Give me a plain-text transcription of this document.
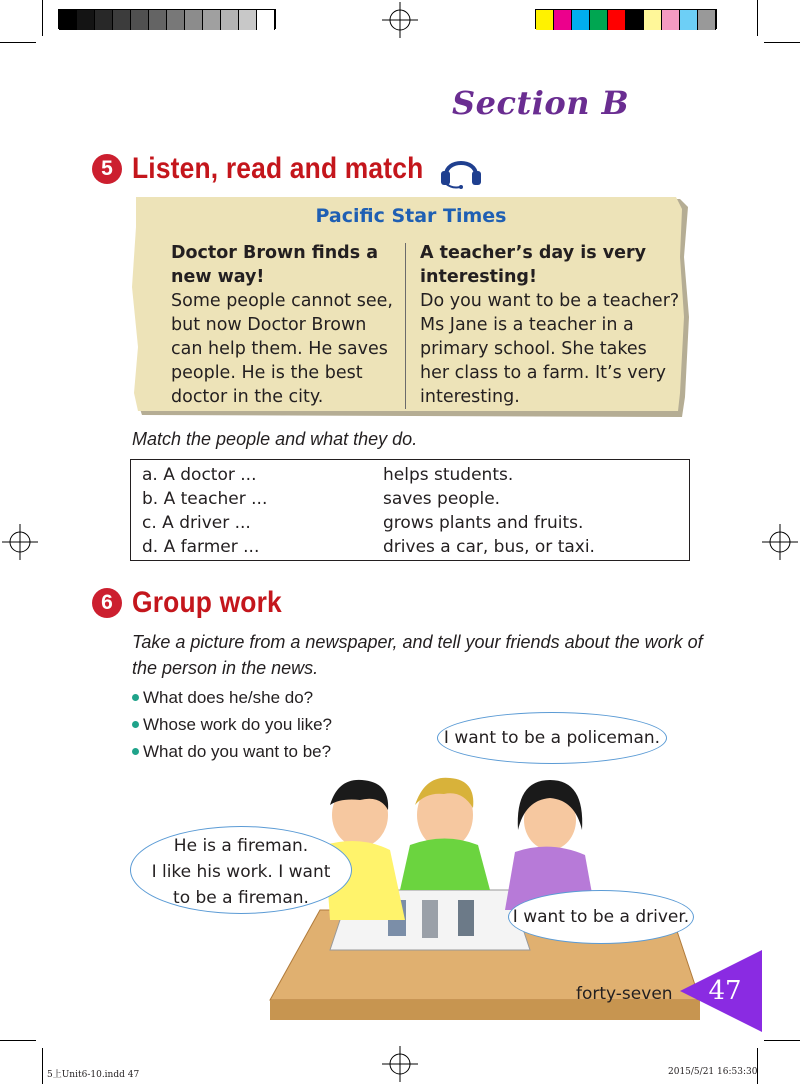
Section B
5 Listen, read and match
Pacific Star Times
Doctor Brown finds a new way!
Some people cannot see, but now Doctor Brown can help them. He saves people. He is the best doctor in the city.
A teacher’s day is very interesting!
Do you want to be a teacher? Ms Jane is a teacher in a primary school. She takes her class to a farm. It’s very interesting.
Match the people and what they do.
a. A doctor ...	helps students.
b. A teacher ...	saves people.
c. A driver ...	grows plants and fruits.
d. A farmer ...	drives a car, bus, or taxi.
6 Group work
Take a picture from a newspaper, and tell your friends about the work of the person in the news.
What does he/she do?
Whose work do you like?
What do you want to be?
I want to be a policeman.
He is a fireman.
I like his work. I want
to be a fireman.
I want to be a driver.
forty-seven	47
5上Unit6-10.indd 47	2015/5/21 16:53:30
